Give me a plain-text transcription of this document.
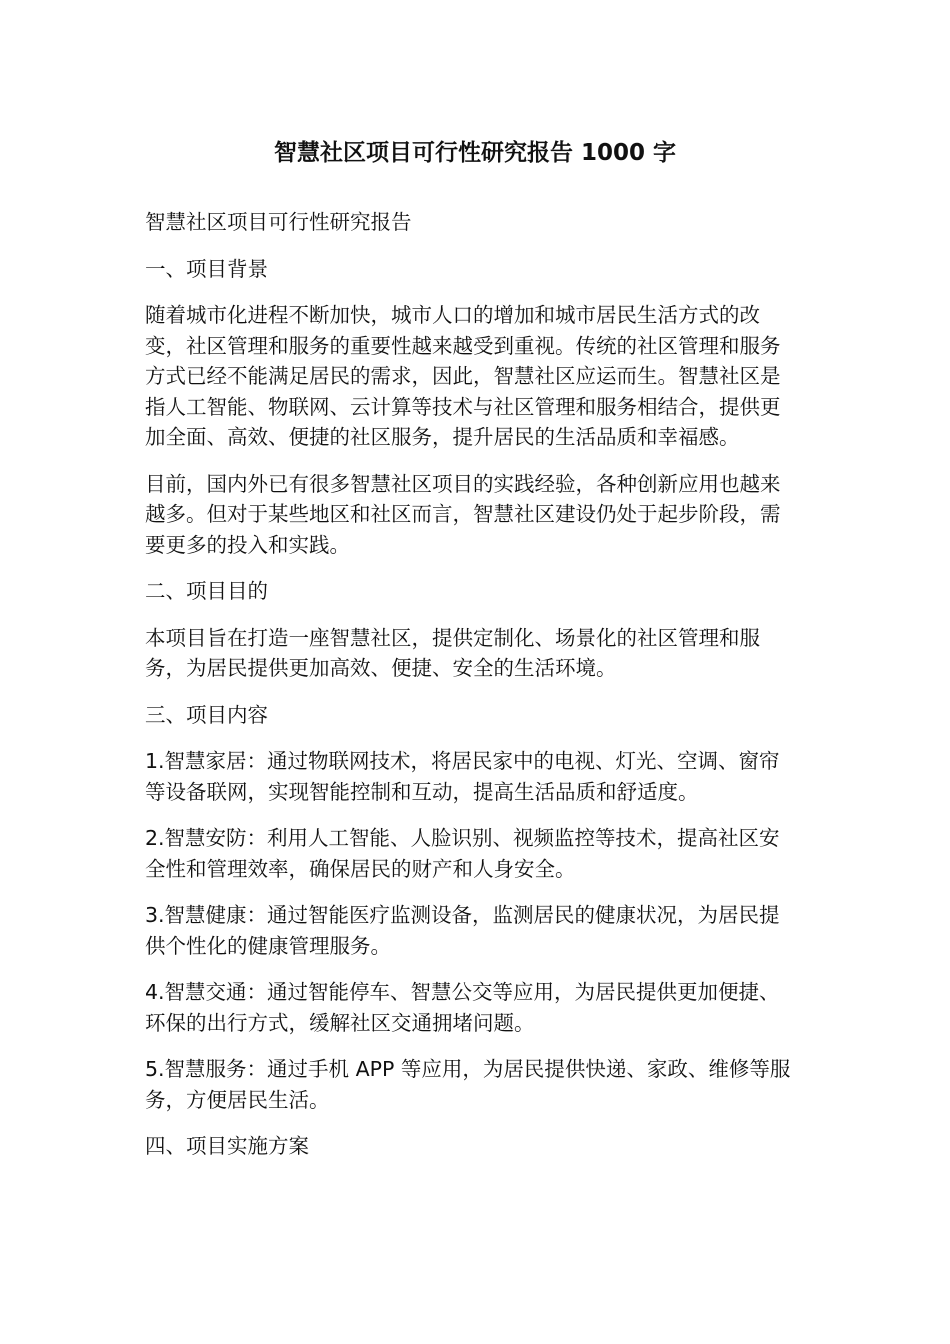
智慧社区项目可行性研究报告 1000 字

智慧社区项目可行性研究报告

一、项目背景

随着城市化进程不断加快，城市人口的增加和城市居民生活方式的改变，社区管理和服务的重要性越来越受到重视。传统的社区管理和服务方式已经不能满足居民的需求，因此，智慧社区应运而生。智慧社区是指人工智能、物联网、云计算等技术与社区管理和服务相结合，提供更加全面、高效、便捷的社区服务，提升居民的生活品质和幸福感。

目前，国内外已有很多智慧社区项目的实践经验，各种创新应用也越来越多。但对于某些地区和社区而言，智慧社区建设仍处于起步阶段，需要更多的投入和实践。

二、项目目的

本项目旨在打造一座智慧社区，提供定制化、场景化的社区管理和服务，为居民提供更加高效、便捷、安全的生活环境。

三、项目内容

1.智慧家居：通过物联网技术，将居民家中的电视、灯光、空调、窗帘等设备联网，实现智能控制和互动，提高生活品质和舒适度。

2.智慧安防：利用人工智能、人脸识别、视频监控等技术，提高社区安全性和管理效率，确保居民的财产和人身安全。

3.智慧健康：通过智能医疗监测设备，监测居民的健康状况，为居民提供个性化的健康管理服务。

4.智慧交通：通过智能停车、智慧公交等应用，为居民提供更加便捷、环保的出行方式，缓解社区交通拥堵问题。

5.智慧服务：通过手机 APP 等应用，为居民提供快递、家政、维修等服务，方便居民生活。

四、项目实施方案
